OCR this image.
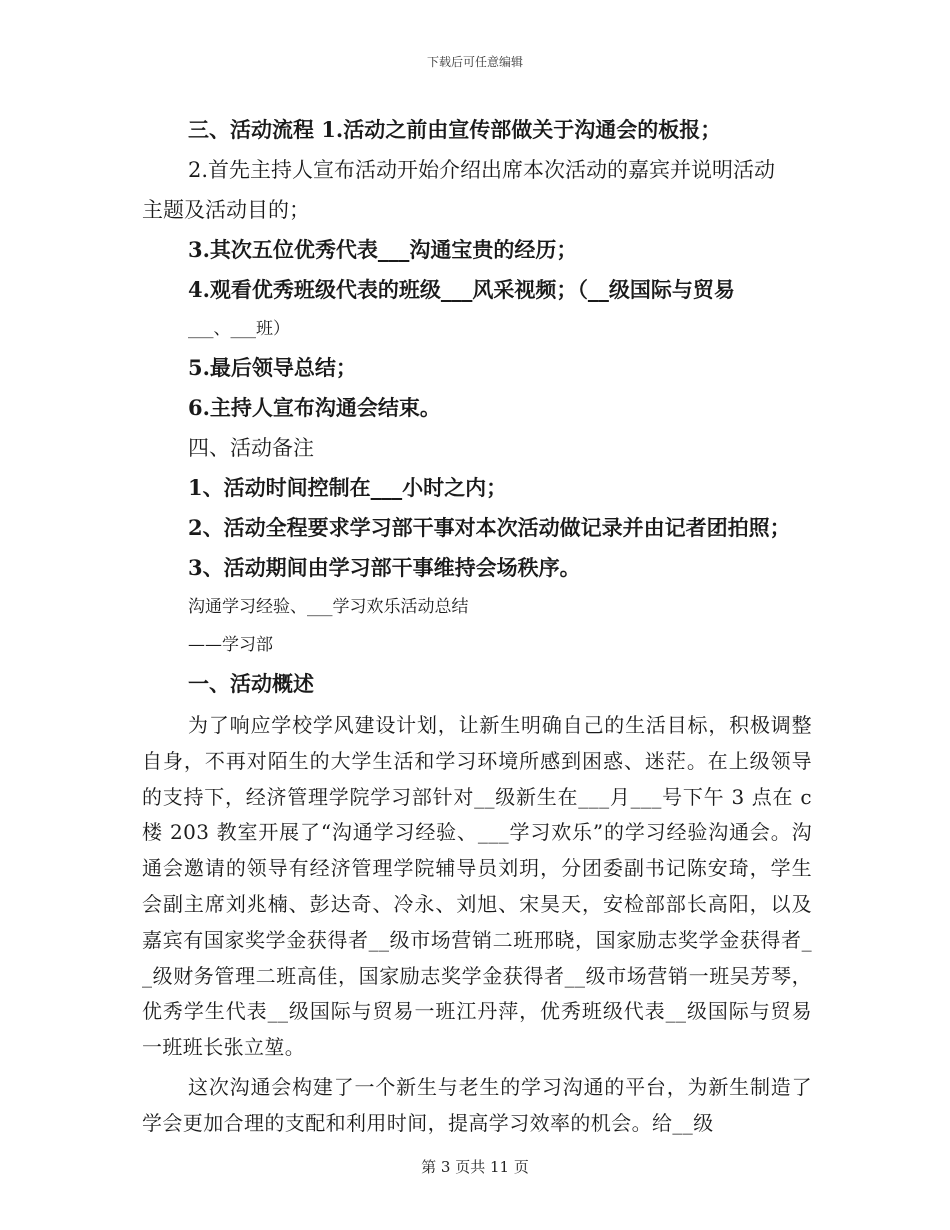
下载后可任意编辑
三、活动流程 1.活动之前由宣传部做关于沟通会的板报；
2.首先主持人宣布活动开始介绍出席本次活动的嘉宾并说明活动
主题及活动目的；
3.其次五位优秀代表___沟通宝贵的经历；
4.观看优秀班级代表的班级___风采视频；（__级国际与贸易
___、___班）
5.最后领导总结；
6.主持人宣布沟通会结束。
四、活动备注
1、活动时间控制在___小时之内；
2、活动全程要求学习部干事对本次活动做记录并由记者团拍照；
3、活动期间由学习部干事维持会场秩序。
沟通学习经验、___学习欢乐活动总结
——学习部
一、活动概述

为了响应学校学风建设计划，让新生明确自己的生活目标，积极调整自身，不再对陌生的大学生活和学习环境所感到困惑、迷茫。在上级领导的支持下，经济管理学院学习部针对__级新生在___月___号下午 3 点在 c 楼 203 教室开展了“沟通学习经验、___学习欢乐”的学习经验沟通会。沟通会邀请的领导有经济管理学院辅导员刘玥，分团委副书记陈安琦，学生会副主席刘兆楠、彭达奇、冷永、刘旭、宋昊天，安检部部长高阳，以及嘉宾有国家奖学金获得者__级市场营销二班邢晓，国家励志奖学金获得者__级财务管理二班高佳，国家励志奖学金获得者__级市场营销一班吴芳琴，优秀学生代表__级国际与贸易一班江丹萍，优秀班级代表__级国际与贸易一班班长张立堃。

这次沟通会构建了一个新生与老生的学习沟通的平台，为新生制造了学会更加合理的支配和利用时间，提高学习效率的机会。给__级

第 3 页共 11 页
